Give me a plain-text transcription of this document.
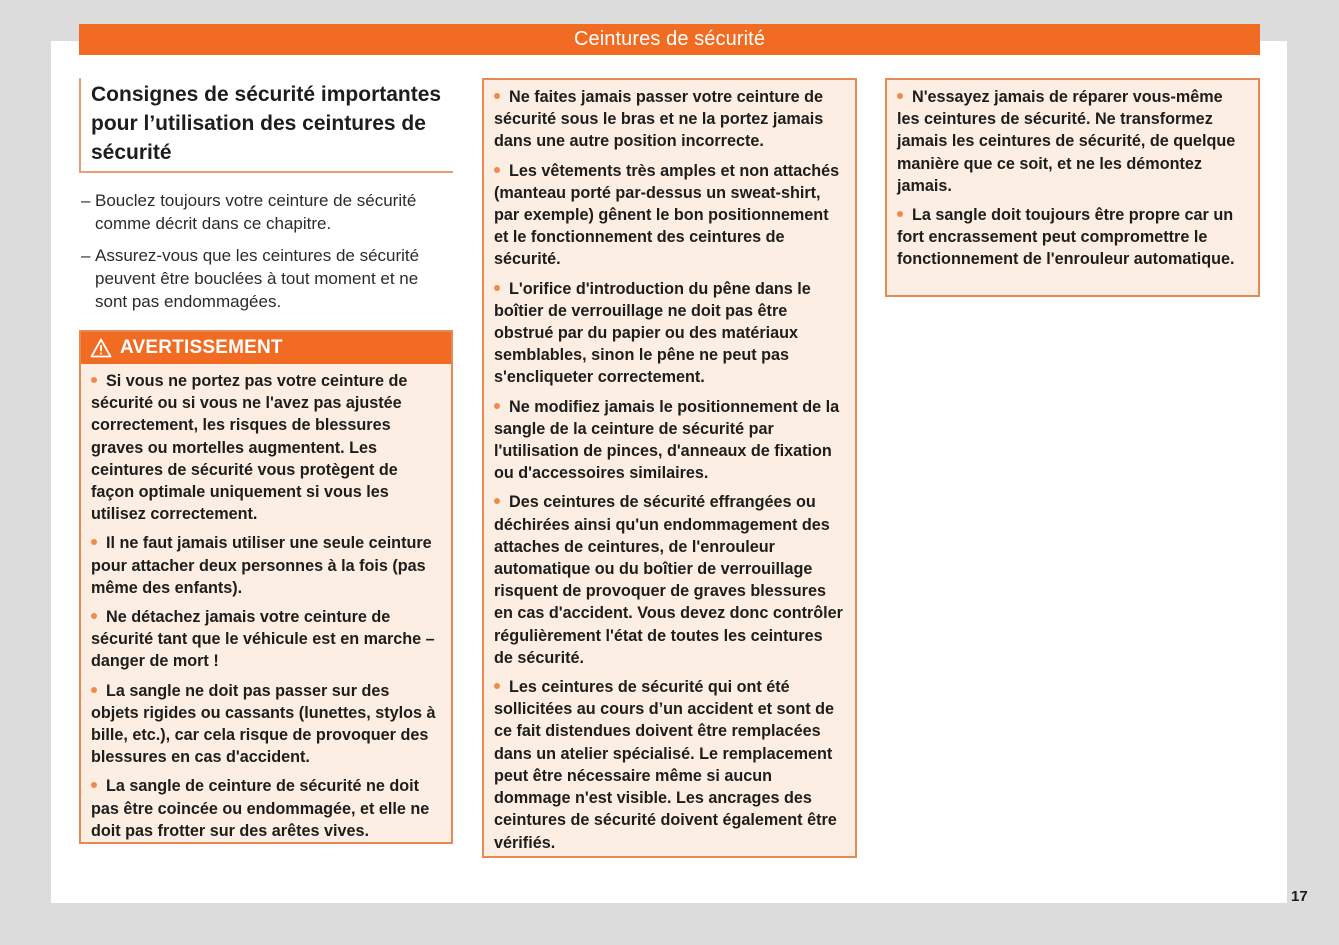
Ceintures de sécurité
Consignes de sécurité importantes pour l’utilisation des ceintures de sécurité
– Bouclez toujours votre ceinture de sécurité comme décrit dans ce chapitre.
– Assurez-vous que les ceintures de sécurité peuvent être bouclées à tout moment et ne sont pas endommagées.
AVERTISSEMENT
Si vous ne portez pas votre ceinture de sécurité ou si vous ne l'avez pas ajustée correctement, les risques de blessures graves ou mortelles augmentent. Les ceintures de sécurité vous protègent de façon optimale uniquement si vous les utilisez correctement.
Il ne faut jamais utiliser une seule ceinture pour attacher deux personnes à la fois (pas même des enfants).
Ne détachez jamais votre ceinture de sécurité tant que le véhicule est en marche – danger de mort !
La sangle ne doit pas passer sur des objets rigides ou cassants (lunettes, stylos à bille, etc.), car cela risque de provoquer des blessures en cas d'accident.
La sangle de ceinture de sécurité ne doit pas être coincée ou endommagée, et elle ne doit pas frotter sur des arêtes vives.
Ne faites jamais passer votre ceinture de sécurité sous le bras et ne la portez jamais dans une autre position incorrecte.
Les vêtements très amples et non attachés (manteau porté par-dessus un sweat-shirt, par exemple) gênent le bon positionnement et le fonctionnement des ceintures de sécurité.
L'orifice d'introduction du pêne dans le boîtier de verrouillage ne doit pas être obstrué par du papier ou des matériaux semblables, sinon le pêne ne peut pas s'encliqueter correctement.
Ne modifiez jamais le positionnement de la sangle de la ceinture de sécurité par l'utilisation de pinces, d'anneaux de fixation ou d'accessoires similaires.
Des ceintures de sécurité effrangées ou déchirées ainsi qu'un endommagement des attaches de ceintures, de l'enrouleur automatique ou du boîtier de verrouillage risquent de provoquer de graves blessures en cas d'accident. Vous devez donc contrôler régulièrement l'état de toutes les ceintures de sécurité.
Les ceintures de sécurité qui ont été sollicitées au cours d’un accident et sont de ce fait distendues doivent être remplacées dans un atelier spécialisé. Le remplacement peut être nécessaire même si aucun dommage n'est visible. Les ancrages des ceintures de sécurité doivent également être vérifiés.
N'essayez jamais de réparer vous-même les ceintures de sécurité. Ne transformez jamais les ceintures de sécurité, de quelque manière que ce soit, et ne les démontez jamais.
La sangle doit toujours être propre car un fort encrassement peut compromettre le fonctionnement de l'enrouleur automatique.
17
